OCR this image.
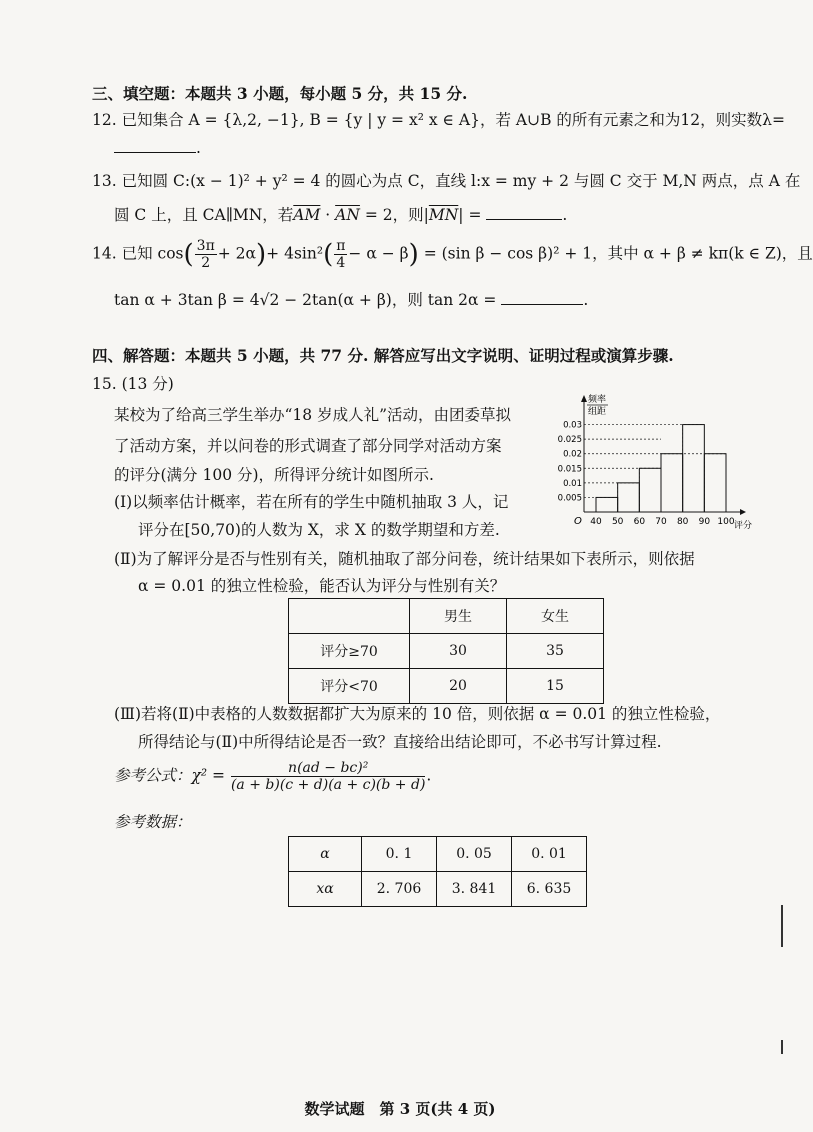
三、填空题：本题共 3 小题，每小题 5 分，共 15 分.
12. 已知集合 A = {λ,2, −1}, B = {y | y = x² x ∈ A}，若 A∪B 的所有元素之和为12，则实数λ=
.
13. 已知圆 C:(x − 1)² + y² = 4 的圆心为点 C，直线 l:x = my + 2 与圆 C 交于 M,N 两点，点 A 在
圆 C 上，且 CA∥MN，若$\overline{AM} \cdot \overline{AN} = 2$，则$|\overline{MN}|$ =	.
14. 已知 $\cos( \frac{3\pi}{2} + 2\alpha)+ 4\sin^2( \frac{\pi}{4} - \alpha - \beta) = (\sin$ β − cos β)² + 1，其中 α + β ≠ kπ(k ∈ Z)，且
tan α + 3tan β = 4√2 − 2tan(α + β)，则 tan 2α =	.
四、解答题：本题共 5 小题，共 77 分. 解答应写出文字说明、证明过程或演算步骤.
15. (13 分)
某校为了给高三学生举办“18 岁成人礼”活动，由团委草拟
了活动方案，并以问卷的形式调查了部分同学对活动方案
的评分(满分 100 分)，所得评分统计如图所示.
(Ⅰ)以频率估计概率，若在所有的学生中随机抽取 3 人，记
评分在[50,70)的人数为 X，求 X 的数学期望和方差.
(Ⅱ)为了解评分是否与性别有关，随机抽取了部分问卷，统计结果如下表所示，则依据
α = 0.01 的独立性检验，能否认为评分与性别有关？
频率
组距
0.03
0.025
0.02
0.015
0.01
0.005
40 50 60 70 80 90 100
O	评分
	男生	女生
评分≥70	30	35
评分<70	20	15
(Ⅲ)若将(Ⅱ)中表格的人数数据都扩大为原来的 10 倍，则依据 α = 0.01 的独立性检验，
所得结论与(Ⅱ)中所得结论是否一致？直接给出结论即可，不必书写计算过程.
参考公式：$\chi^2 = \frac{\text{n(ad − bc)²}}{(a + b)(c + d)(a + c)(b + d)}$ .
参考数据：
α	0. 1	0. 05	0. 01
xα	2. 706	3. 841	6. 635
数学试题　第 3 页(共 4 页)
